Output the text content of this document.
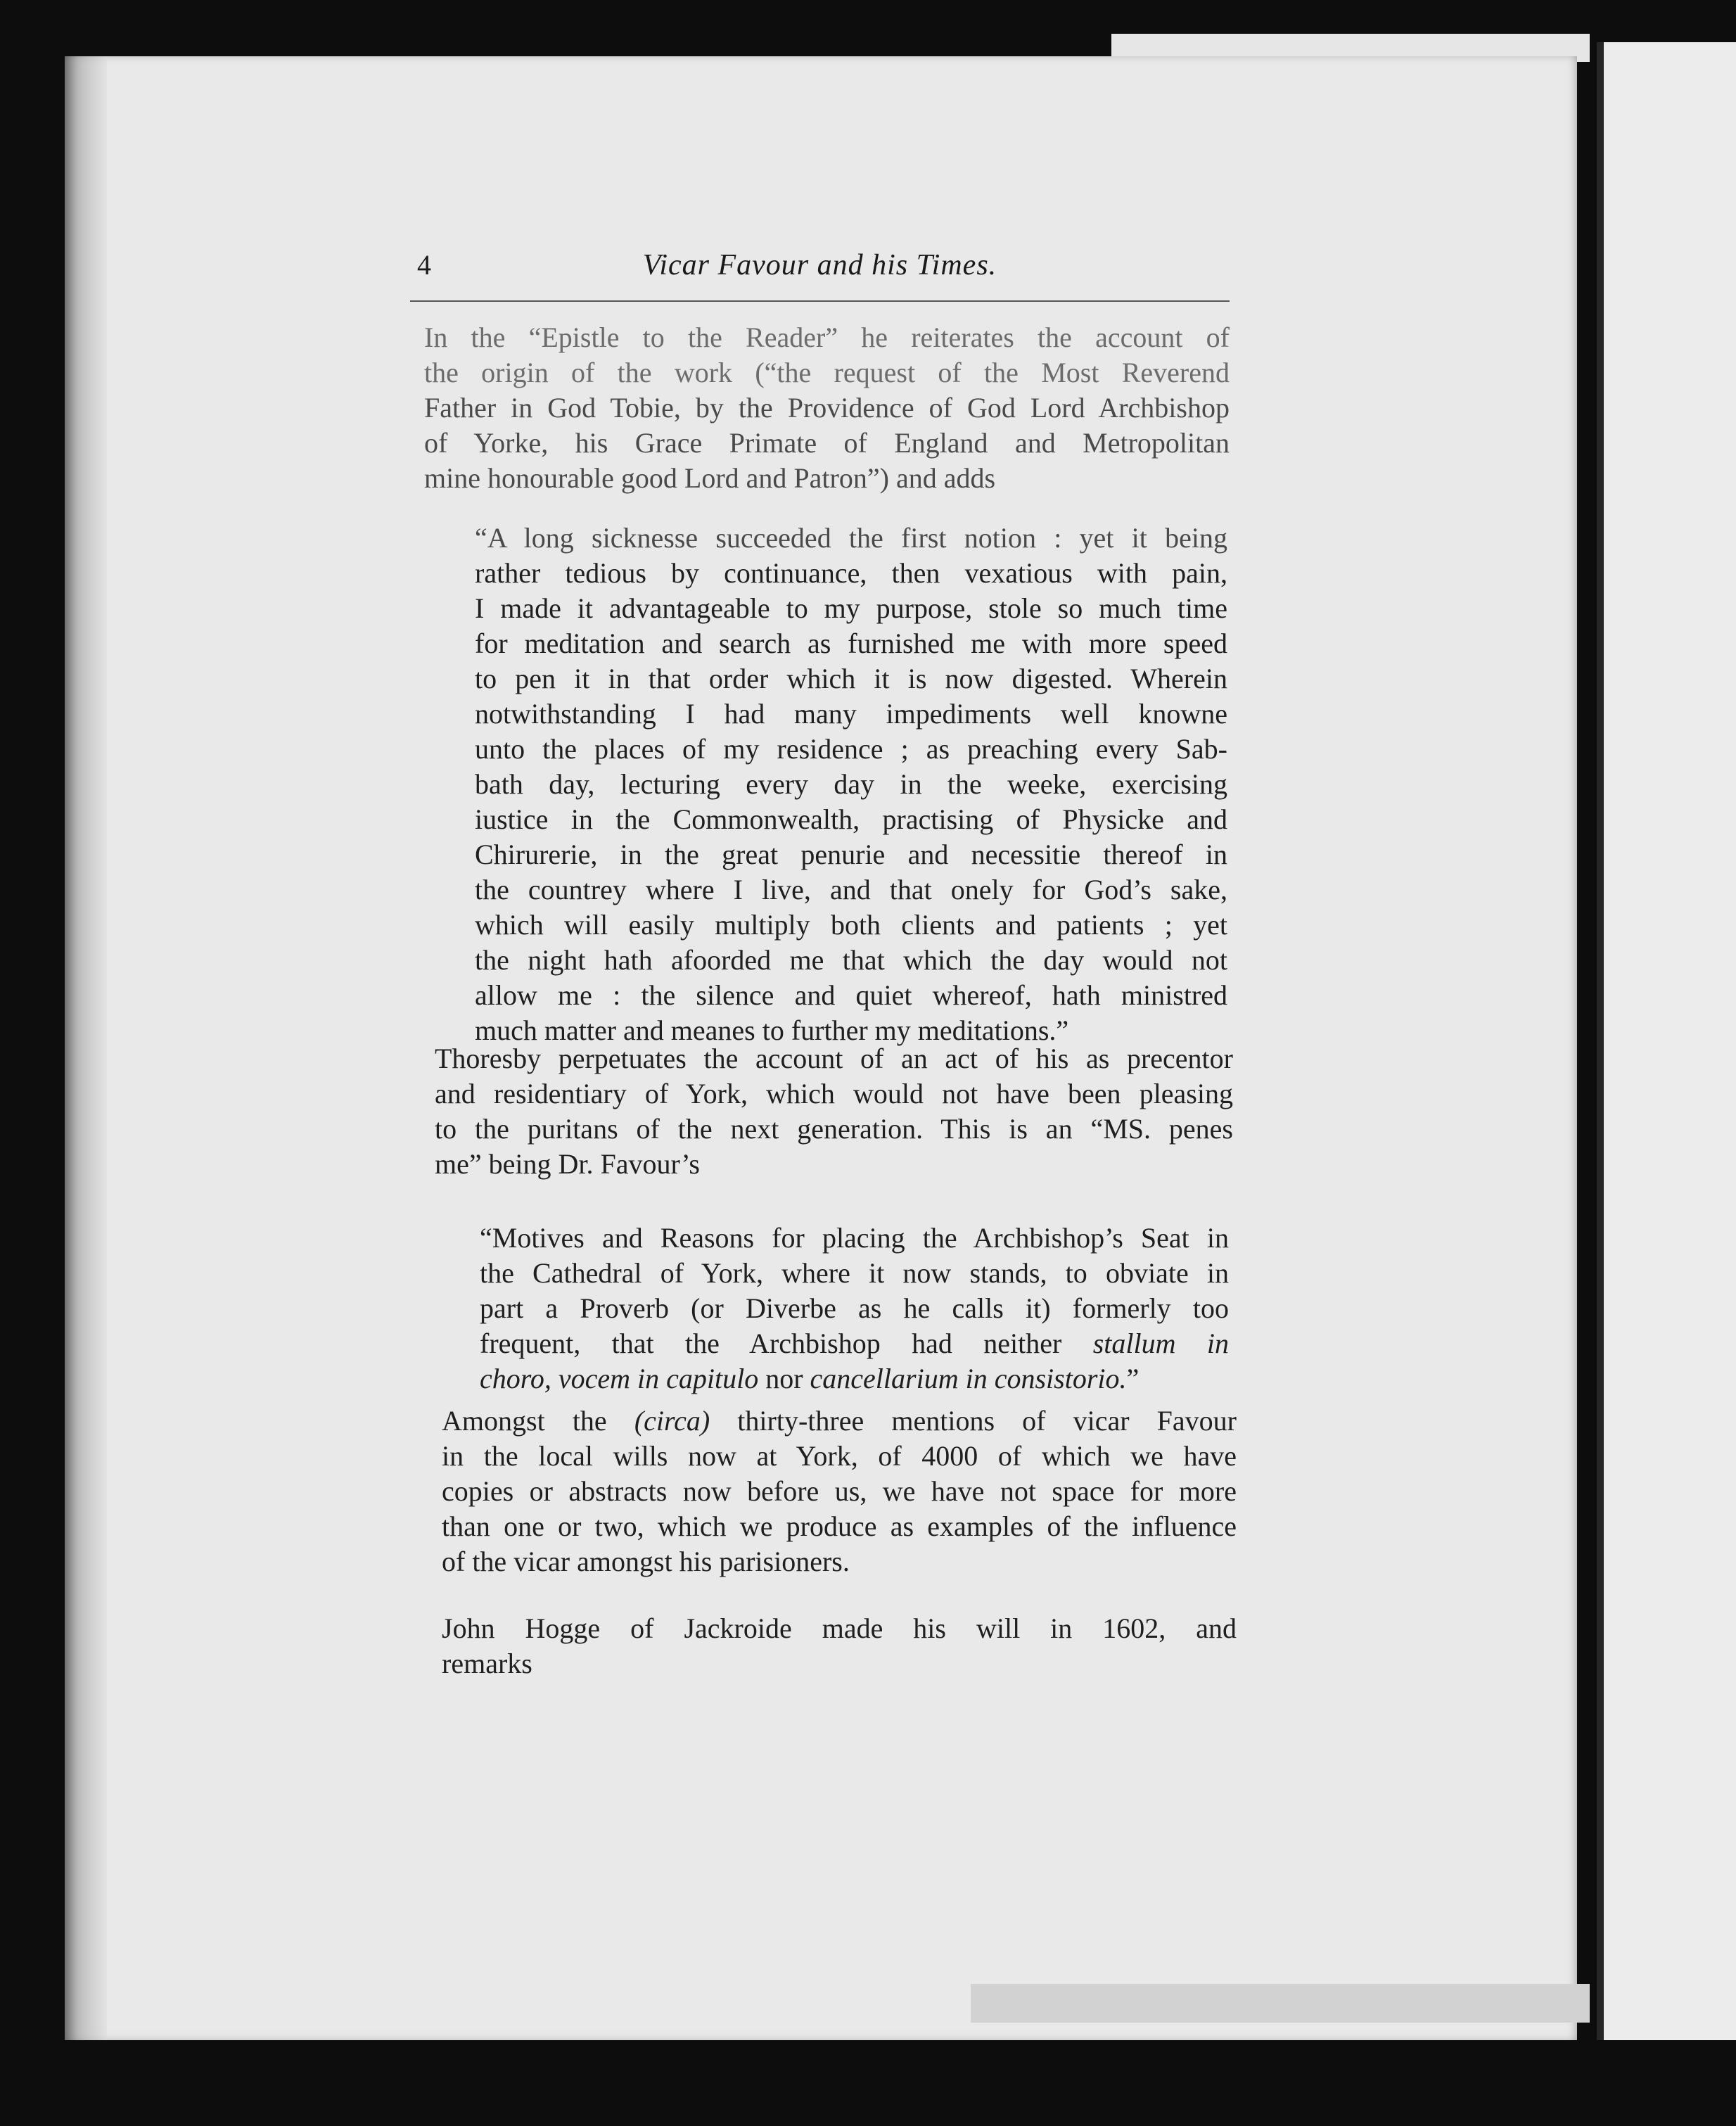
4	Vicar Favour and his Times.

In the “Epistle to the Reader” he reiterates the account of
the origin of the work (“the request of the Most Reverend
Father in God Tobie, by the Providence of God Lord Archbishop
of Yorke, his Grace Primate of England and Metropolitan
mine honourable good Lord and Patron”) and adds

“A long sicknesse succeeded the first notion : yet it being
rather tedious by continuance, then vexatious with pain,
I made it advantageable to my purpose, stole so much time
for meditation and search as furnished me with more speed
to pen it in that order which it is now digested. Wherein
notwithstanding I had many impediments well knowne
unto the places of my residence ; as preaching every Sab-
bath day, lecturing every day in the weeke, exercising
iustice in the Commonwealth, practising of Physicke and
Chirurerie, in the great penurie and necessitie thereof in
the countrey where I live, and that onely for God’s sake,
which will easily multiply both clients and patients ; yet
the night hath afoorded me that which the day would not
allow me : the silence and quiet whereof, hath ministred
much matter and meanes to further my meditations.”

Thoresby perpetuates the account of an act of his as precentor
and residentiary of York, which would not have been pleasing
to the puritans of the next generation. This is an “MS. penes
me” being Dr. Favour’s

“Motives and Reasons for placing the Archbishop’s Seat in
the Cathedral of York, where it now stands, to obviate in
part a Proverb (or Diverbe as he calls it) formerly too
frequent, that the Archbishop had neither stallum in
choro, vocem in capitulo nor cancellarium in consistorio.”

Amongst the (circa) thirty-three mentions of vicar Favour
in the local wills now at York, of 4000 of which we have
copies or abstracts now before us, we have not space for more
than one or two, which we produce as examples of the influence
of the vicar amongst his parisioners.

John Hogge of Jackroide made his will in 1602, and
remarks
